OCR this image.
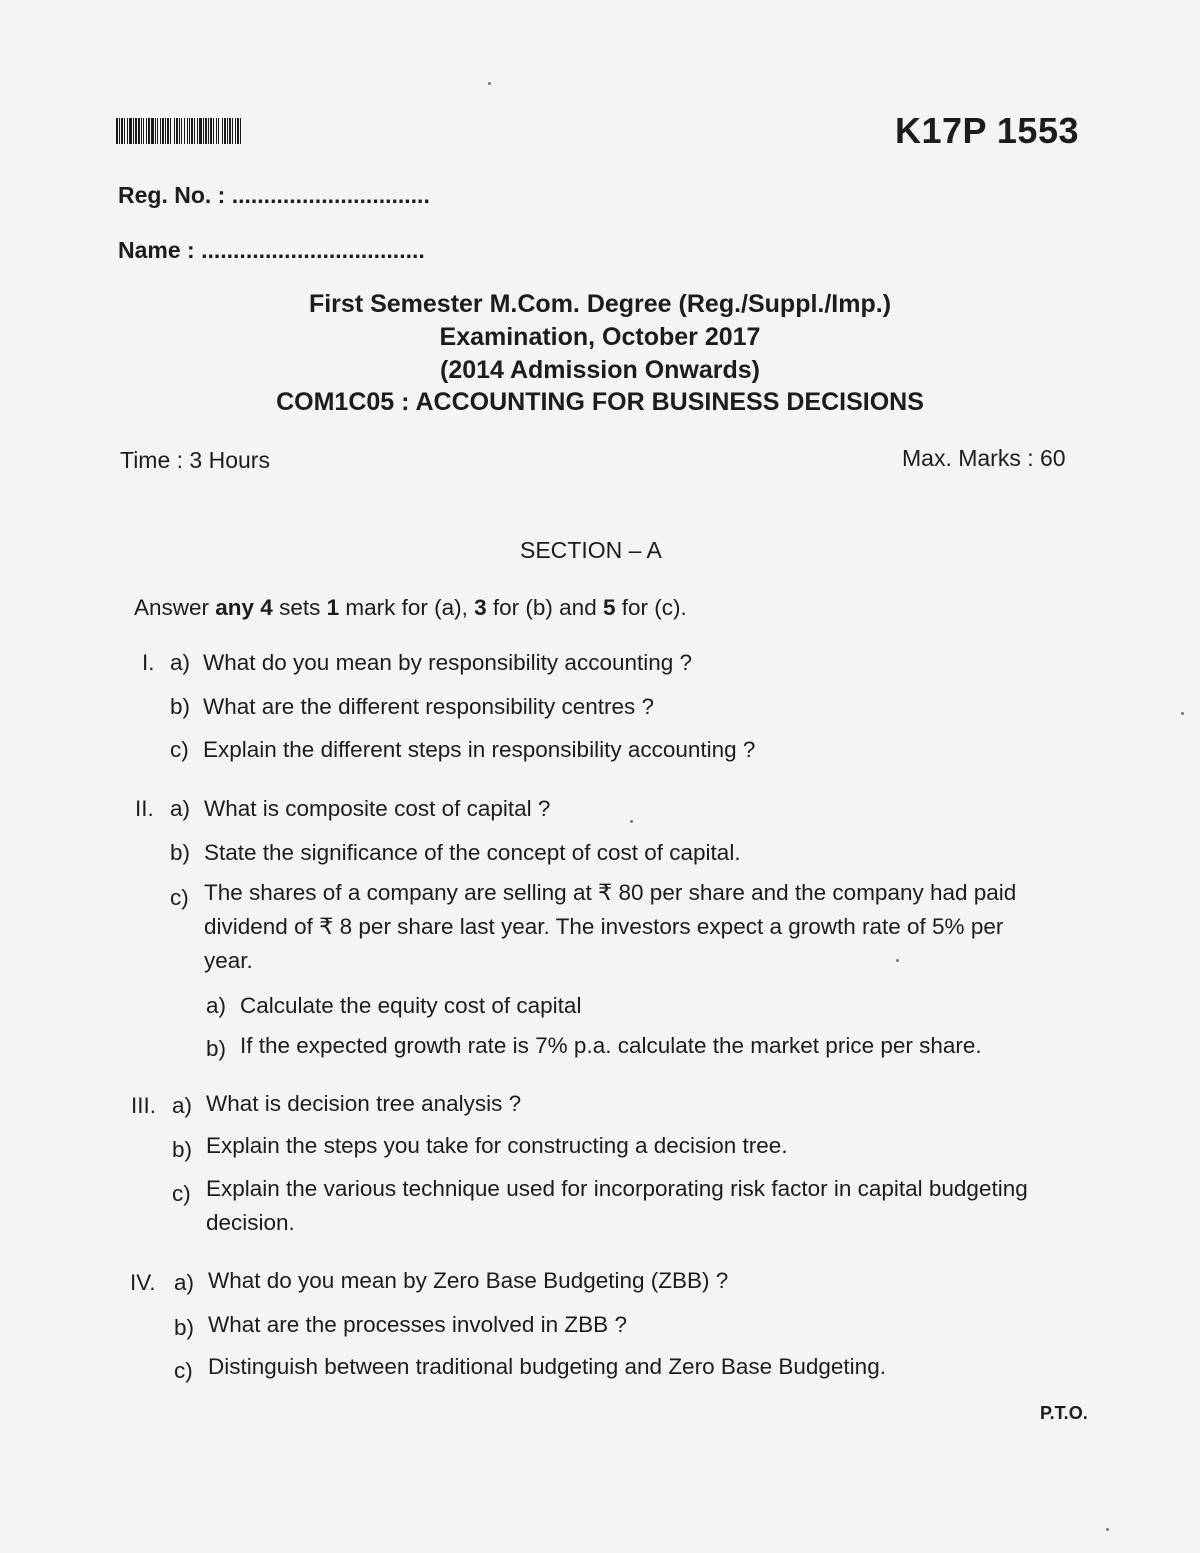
K17P 1553
Reg. No. : ...............................
Name : ...................................
First Semester M.Com. Degree (Reg./Suppl./Imp.)
Examination, October 2017
(2014 Admission Onwards)
COM1C05 : ACCOUNTING FOR BUSINESS DECISIONS
Time : 3 Hours	Max. Marks : 60
SECTION – A
Answer any 4 sets 1 mark for (a), 3 for (b) and 5 for (c).
I. a) What do you mean by responsibility accounting ?
b) What are the different responsibility centres ?
c) Explain the different steps in responsibility accounting ?
II. a) What is composite cost of capital ?
b) State the significance of the concept of cost of capital.
c) The shares of a company are selling at ₹ 80 per share and the company had paid dividend of ₹ 8 per share last year. The investors expect a growth rate of 5% per year.
a) Calculate the equity cost of capital
b) If the expected growth rate is 7% p.a. calculate the market price per share.
III. a) What is decision tree analysis ?
b) Explain the steps you take for constructing a decision tree.
c) Explain the various technique used for incorporating risk factor in capital budgeting decision.
IV. a) What do you mean by Zero Base Budgeting (ZBB) ?
b) What are the processes involved in ZBB ?
c) Distinguish between traditional budgeting and Zero Base Budgeting.
P.T.O.
